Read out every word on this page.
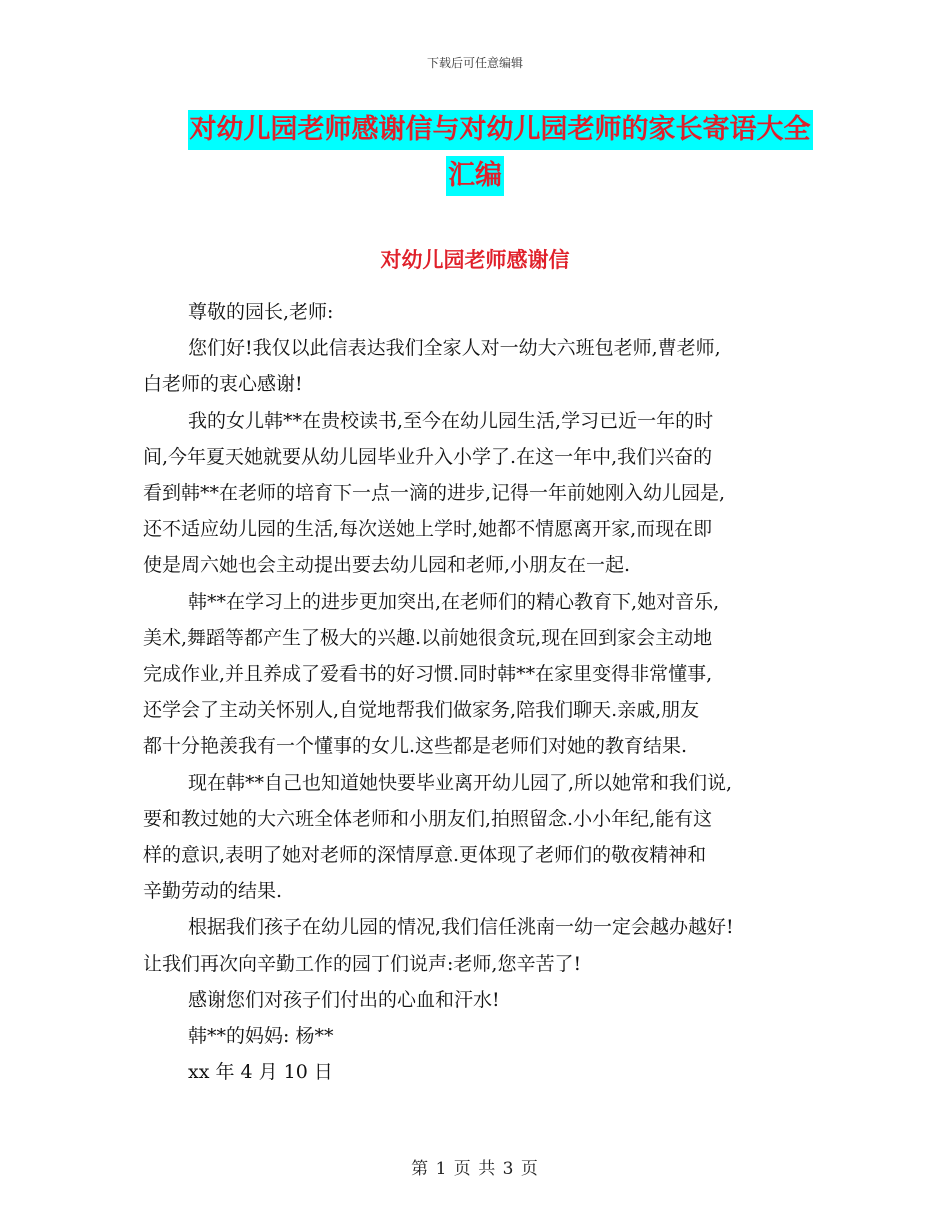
下载后可任意编辑
对幼儿园老师感谢信与对幼儿园老师的家长寄语大全
汇编
对幼儿园老师感谢信

尊敬的园长,老师:

您们好!我仅以此信表达我们全家人对一幼大六班包老师,曹老师,
白老师的衷心感谢!

我的女儿韩**在贵校读书,至今在幼儿园生活,学习已近一年的时
间,今年夏天她就要从幼儿园毕业升入小学了.在这一年中,我们兴奋的
看到韩**在老师的培育下一点一滴的进步,记得一年前她刚入幼儿园是,
还不适应幼儿园的生活,每次送她上学时,她都不情愿离开家,而现在即
使是周六她也会主动提出要去幼儿园和老师,小朋友在一起.

韩**在学习上的进步更加突出,在老师们的精心教育下,她对音乐,
美术,舞蹈等都产生了极大的兴趣.以前她很贪玩,现在回到家会主动地
完成作业,并且养成了爱看书的好习惯.同时韩**在家里变得非常懂事,
还学会了主动关怀别人,自觉地帮我们做家务,陪我们聊天.亲戚,朋友
都十分艳羡我有一个懂事的女儿.这些都是老师们对她的教育结果.

现在韩**自己也知道她快要毕业离开幼儿园了,所以她常和我们说,
要和教过她的大六班全体老师和小朋友们,拍照留念.小小年纪,能有这
样的意识,表明了她对老师的深情厚意.更体现了老师们的敬夜精神和
辛勤劳动的结果.

根据我们孩子在幼儿园的情况,我们信任洮南一幼一定会越办越好!
让我们再次向辛勤工作的园丁们说声:老师,您辛苦了!

感谢您们对孩子们付出的心血和汗水!

韩**的妈妈: 杨**

xx 年 4 月 10 日

第 1 页 共 3 页
